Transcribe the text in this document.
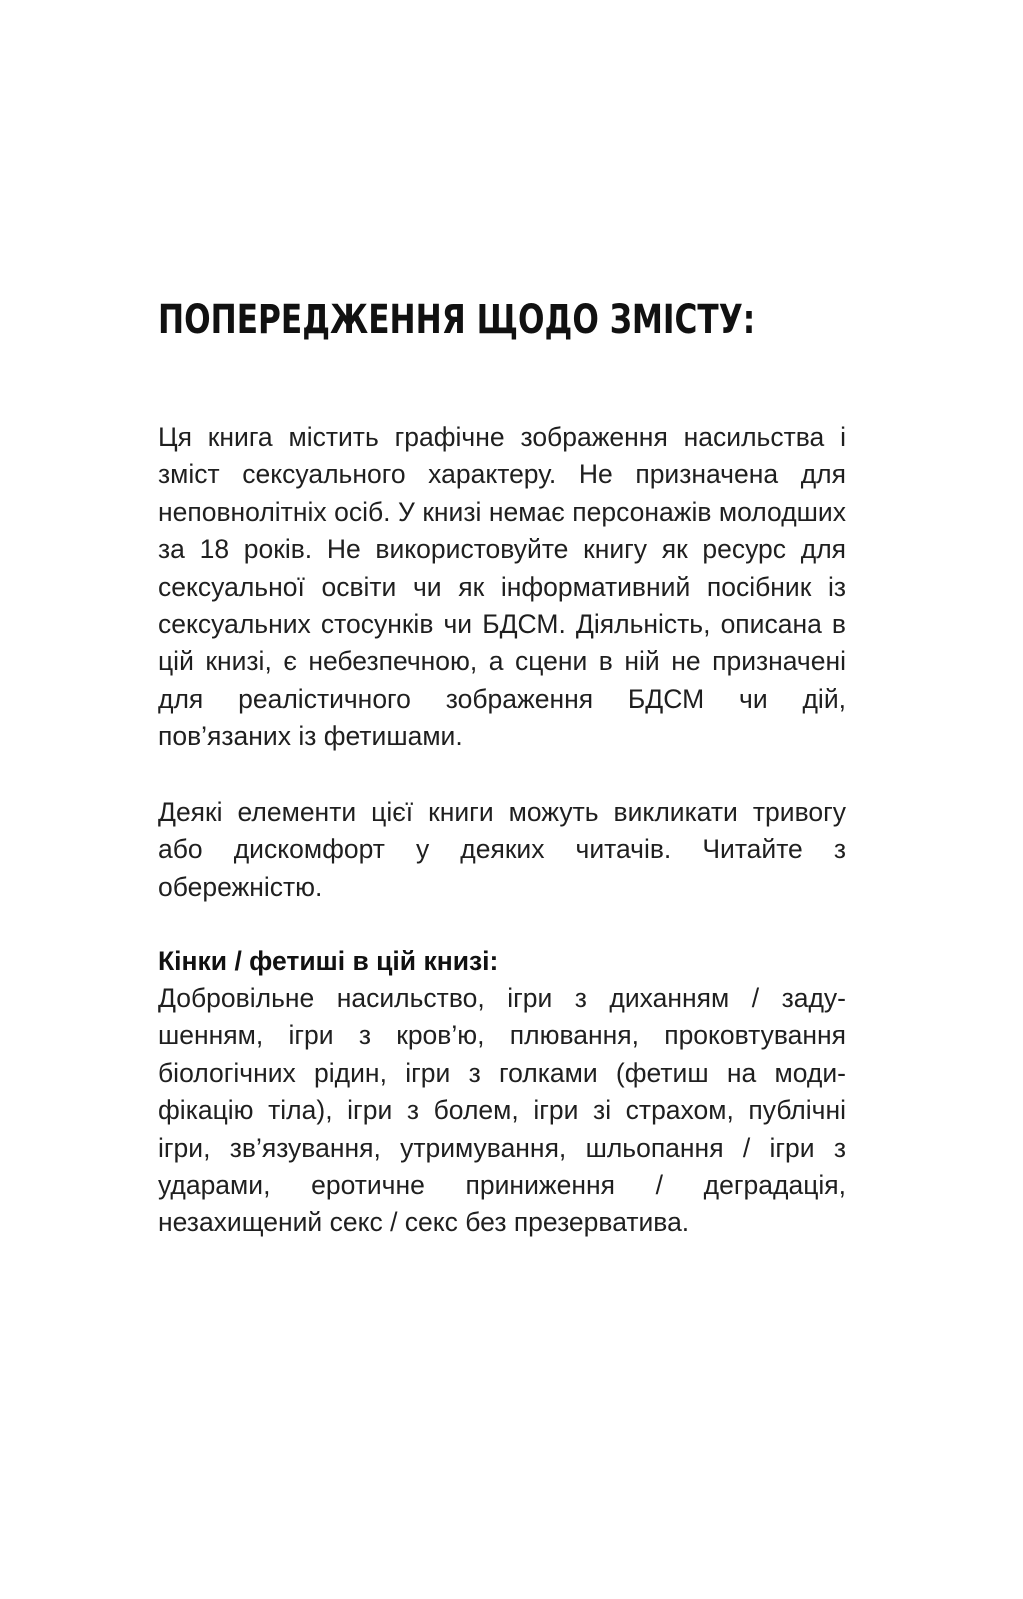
ПОПЕРЕДЖЕННЯ ЩОДО ЗМІСТУ:

Ця книга містить графічне зображення насильства і зміст сексуального характеру. Не призначена для неповнолітніх осіб. У книзі немає персонажів молодших за 18 років. Не використовуйте книгу як ресурс для сексуальної освіти чи як інформативний посібник із сексуальних стосунків чи БДСМ. Діяльність, описана в цій книзі, є небезпечною, а сцени в ній не призначені для реалістичного зображення БДСМ чи дій, пов’язаних із фетишами.

Деякі елементи цієї книги можуть викликати тривогу або дискомфорт у деяких читачів. Читайте з обережністю.

Кінки / фетиші в цій книзі:

Добровільне насильство, ігри з диханням / задушенням, ігри з кров’ю, плювання, проковтування біологічних рідин, ігри з голками (фетиш на модифікацію тіла), ігри з болем, ігри зі страхом, публічні ігри, зв’язування, утримування, шльопання / ігри з ударами, еротичне приниження / деградація, незахищений секс / секс без презерватива.
